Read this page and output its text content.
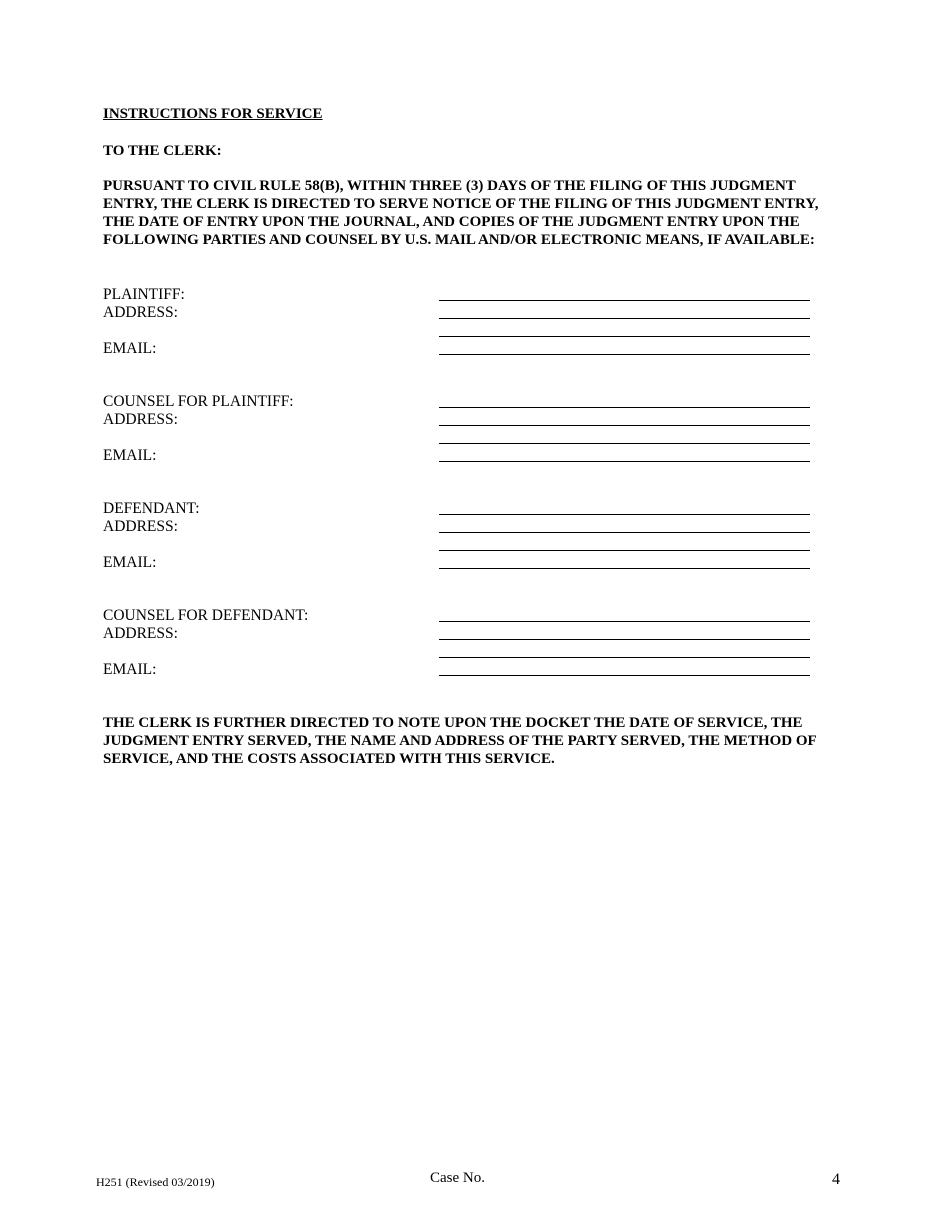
INSTRUCTIONS FOR SERVICE
TO THE CLERK:
PURSUANT TO CIVIL RULE 58(B), WITHIN THREE (3) DAYS OF THE FILING OF THIS JUDGMENT ENTRY, THE CLERK IS DIRECTED TO SERVE NOTICE OF THE FILING OF THIS JUDGMENT ENTRY, THE DATE OF ENTRY UPON THE JOURNAL, AND COPIES OF THE JUDGMENT ENTRY UPON THE FOLLOWING PARTIES AND COUNSEL BY U.S. MAIL AND/OR ELECTRONIC MEANS, IF AVAILABLE:
PLAINTIFF:
ADDRESS:
EMAIL:
COUNSEL FOR PLAINTIFF:
ADDRESS:
EMAIL:
DEFENDANT:
ADDRESS:
EMAIL:
COUNSEL FOR DEFENDANT:
ADDRESS:
EMAIL:
THE CLERK IS FURTHER DIRECTED TO NOTE UPON THE DOCKET THE DATE OF SERVICE, THE JUDGMENT ENTRY SERVED, THE NAME AND ADDRESS OF THE PARTY SERVED, THE METHOD OF SERVICE, AND THE COSTS ASSOCIATED WITH THIS SERVICE.
H251 (Revised 03/2019)	Case No.	4
